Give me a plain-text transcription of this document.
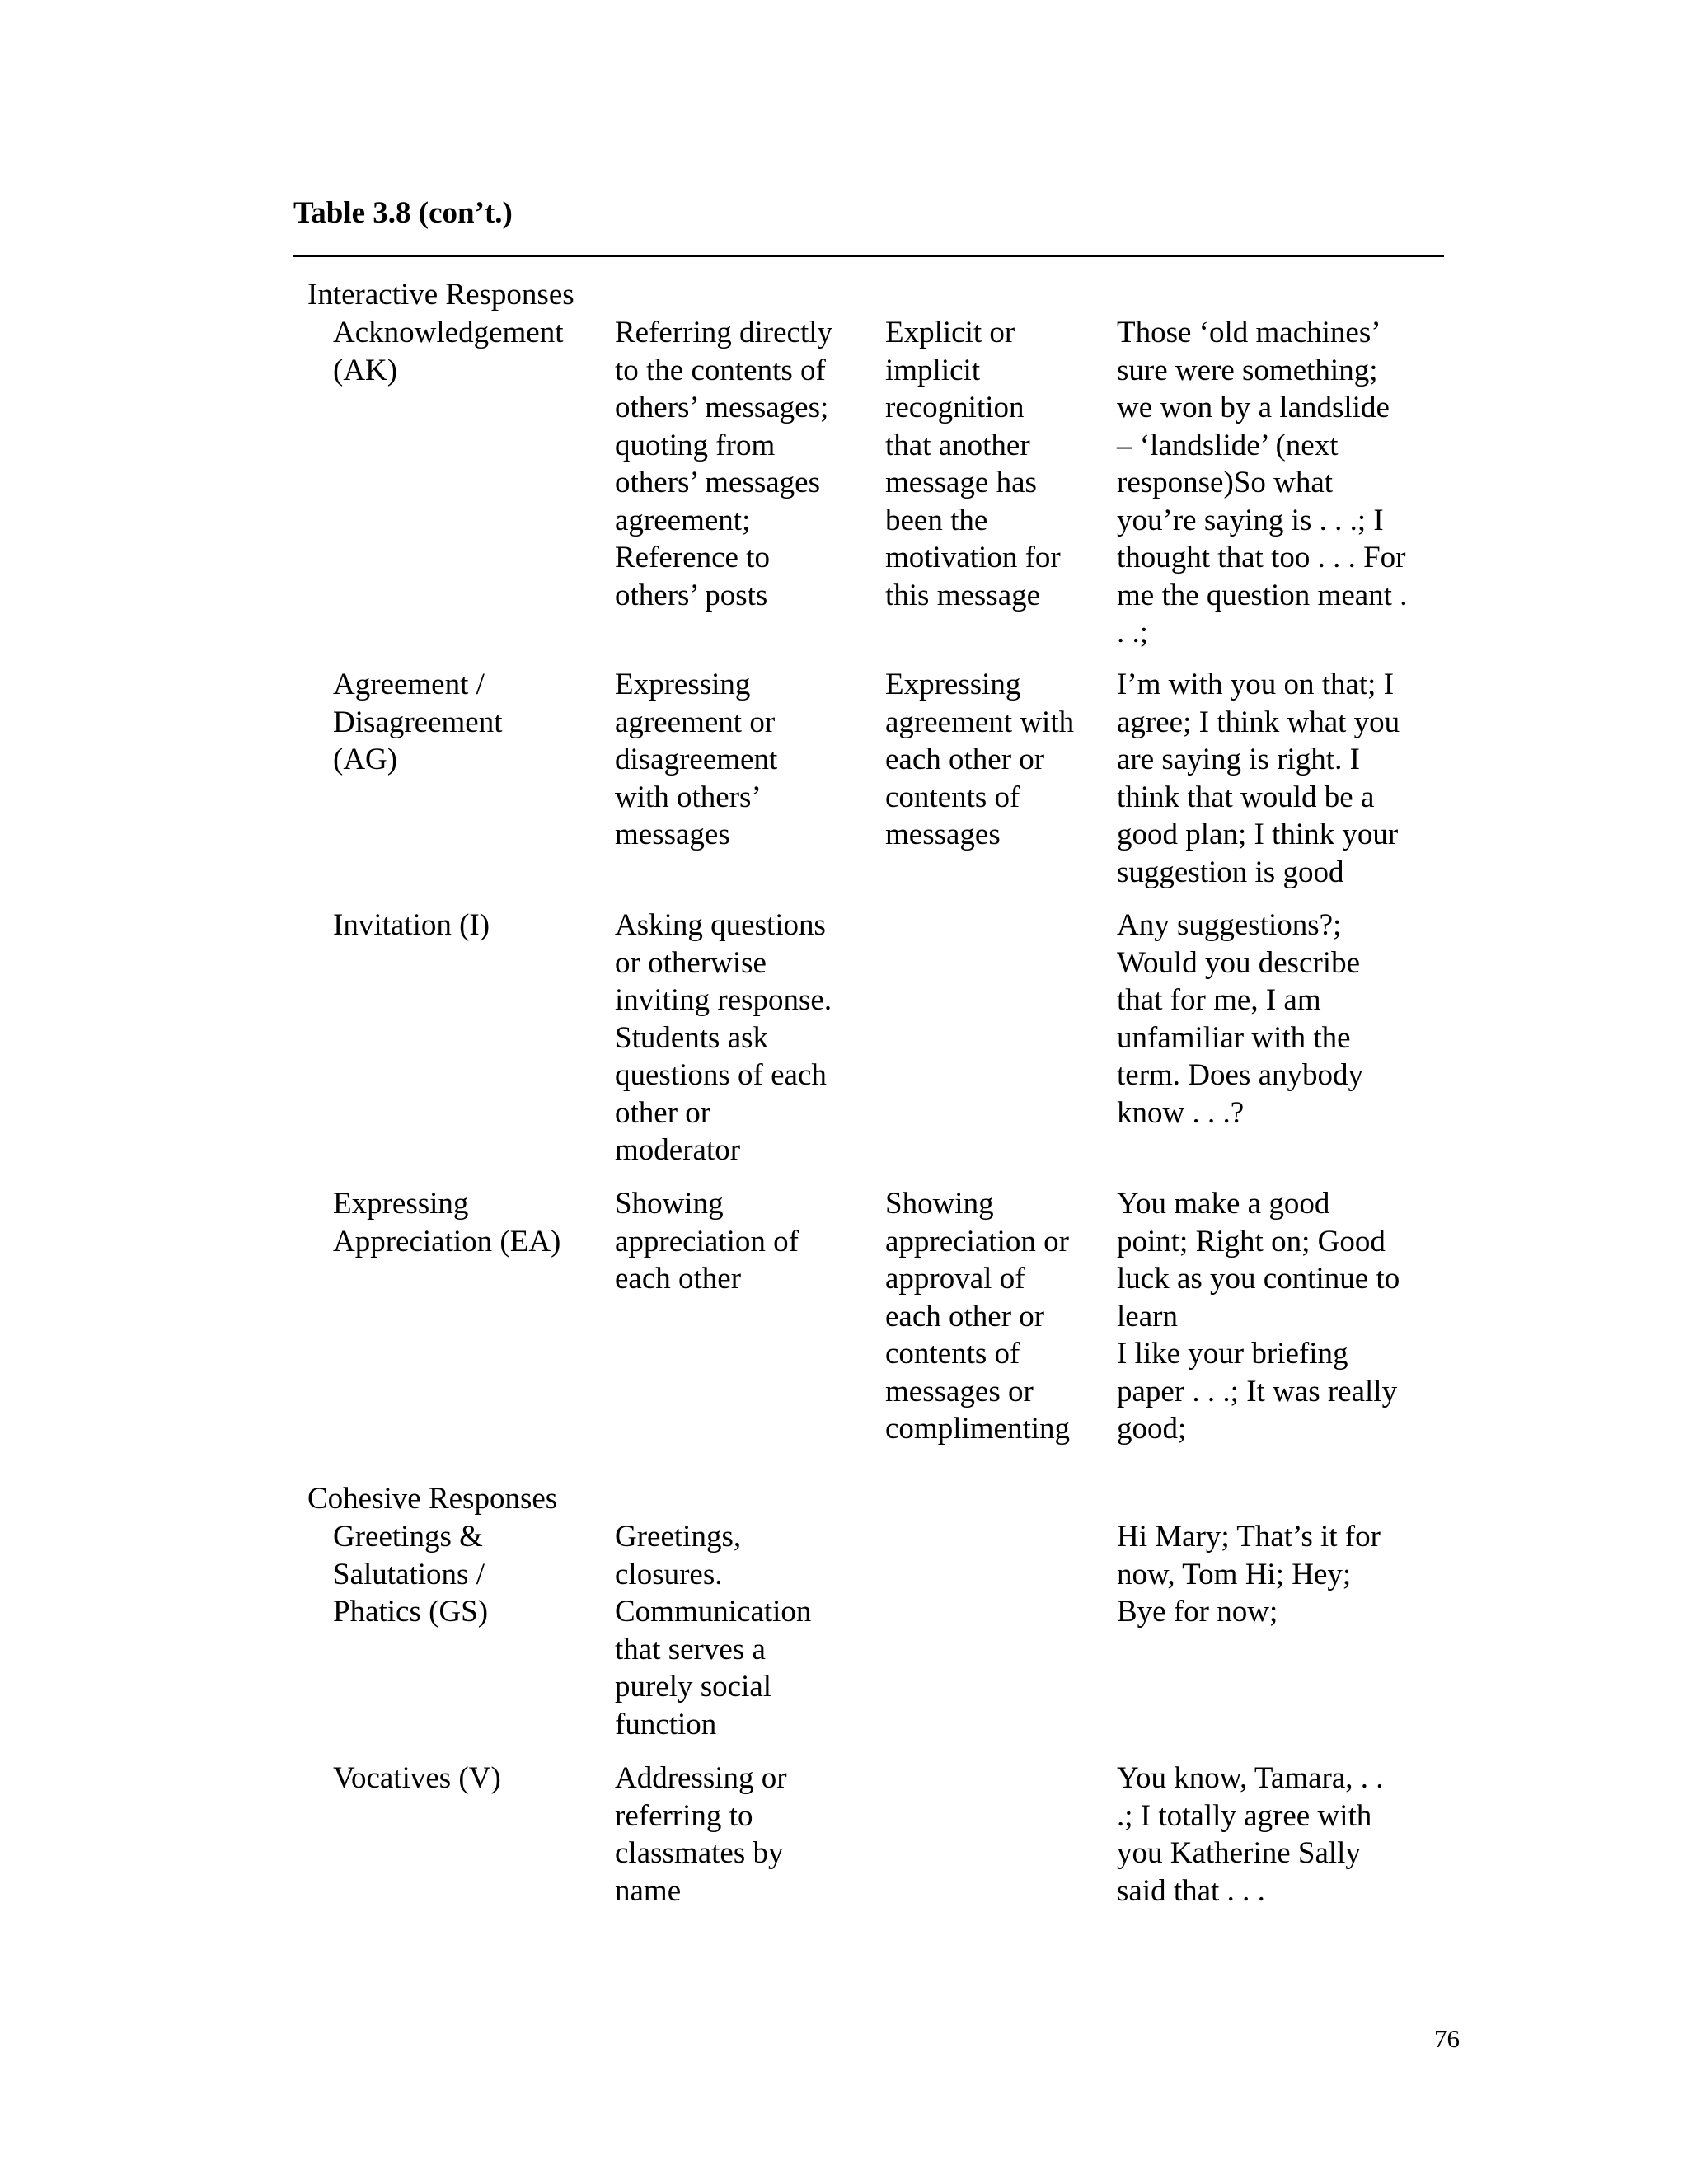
Table 3.8 (con’t.)
Interactive Responses
Acknowledgement
(AK)
Referring directly
to the contents of
others’ messages;
quoting from
others’ messages
agreement;
Reference to
others’ posts
Explicit or
implicit
recognition
that another
message has
been the
motivation for
this message
Those ‘old machines’
sure were something;
we won by a landslide
– ‘landslide’ (next
response)So what
you’re saying is . . .; I
thought that too . . . For
me the question meant .
. .;
Agreement /
Disagreement
(AG)
Expressing
agreement or
disagreement
with others’
messages
Expressing
agreement with
each other or
contents of
messages
I’m with you on that; I
agree; I think what you
are saying is right. I
think that would be a
good plan; I think your
suggestion is good
Invitation (I)	Asking questions
or otherwise
inviting response.
Students ask
questions of each
other or
moderator
Any suggestions?;
Would you describe
that for me, I am
unfamiliar with the
term. Does anybody
know . . .?
Expressing
Appreciation (EA)
Showing
appreciation of
each other
Showing
appreciation or
approval of
each other or
contents of
messages or
complimenting
You make a good
point; Right on; Good
luck as you continue to
learn
I like your briefing
paper . . .; It was really
good;
Cohesive Responses
Greetings &
Salutations /
Phatics (GS)
Greetings,
closures.
Communication
that serves a
purely social
function
Hi Mary; That’s it for
now, Tom Hi; Hey;
Bye for now;
Vocatives (V)	Addressing or
referring to
classmates by
name
You know, Tamara, . .
.; I totally agree with
you Katherine Sally
said that . . .
76
